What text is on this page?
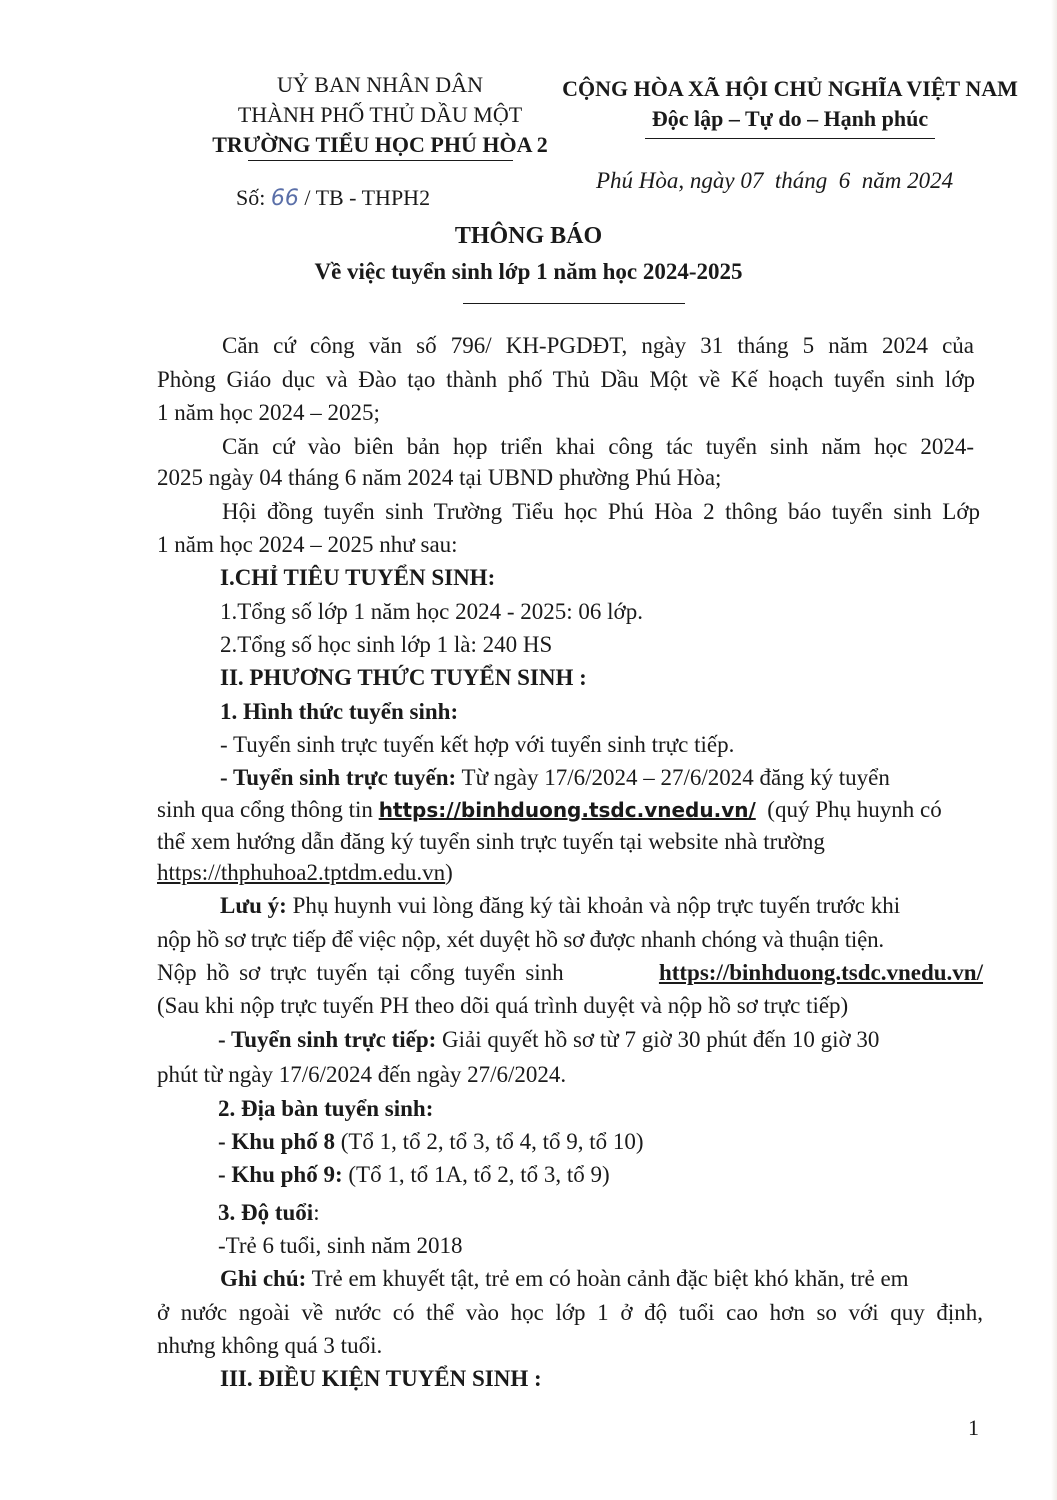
UỶ BAN NHÂN DÂN
THÀNH PHỐ THỦ DẦU MỘT
TRƯỜNG TIỂU HỌC PHÚ HÒA 2
CỘNG HÒA XÃ HỘI CHỦ NGHĨA VIỆT NAM
Độc lập – Tự do – Hạnh phúc
Số: 66 / TB - THPH2
Phú Hòa, ngày 07  tháng  6  năm 2024
THÔNG BÁO
Về việc tuyển sinh lớp 1 năm học 2024-2025
Căn cứ công văn số 796/ KH-PGDĐT, ngày 31 tháng 5 năm 2024 của
Phòng Giáo dục và Đào tạo thành phố Thủ Dầu Một về Kế hoạch tuyển sinh lớp
1 năm học 2024 – 2025;
Căn cứ vào biên bản họp triển khai công tác tuyển sinh năm học 2024-
2025 ngày 04 tháng 6 năm 2024 tại UBND phường Phú Hòa;
Hội đồng tuyển sinh Trường Tiểu học Phú Hòa 2 thông báo tuyển sinh Lớp
1 năm học 2024 – 2025 như sau:
I.CHỈ TIÊU TUYỂN SINH:
1.Tổng số lớp 1 năm học 2024 - 2025: 06 lớp.
2.Tổng số học sinh lớp 1 là: 240 HS
II. PHƯƠNG THỨC TUYỂN SINH :
1. Hình thức tuyển sinh:
- Tuyển sinh trực tuyến kết hợp với tuyển sinh trực tiếp.
- Tuyển sinh trực tuyến: Từ ngày 17/6/2024 – 27/6/2024 đăng ký tuyển
sinh qua cổng thông tin https://binhduong.tsdc.vnedu.vn/  (quý Phụ huynh có
thể xem hướng dẫn đăng ký tuyển sinh trực tuyến tại website nhà trường
https://thphuhoa2.tptdm.edu.vn)
Lưu ý: Phụ huynh vui lòng đăng ký tài khoản và nộp trực tuyến trước khi
nộp hồ sơ trực tiếp để việc nộp, xét duyệt hồ sơ được nhanh chóng và thuận tiện.
Nộp hồ sơ trực tuyến tại cổng tuyển sinh	https://binhduong.tsdc.vnedu.vn/
(Sau khi nộp trực tuyến PH theo dõi quá trình duyệt và nộp hồ sơ trực tiếp)
- Tuyển sinh trực tiếp: Giải quyết hồ sơ từ 7 giờ 30 phút đến 10 giờ 30
phút từ ngày 17/6/2024 đến ngày 27/6/2024.
2. Địa bàn tuyển sinh:
- Khu phố 8 (Tổ 1, tổ 2, tổ 3, tổ 4, tổ 9, tổ 10)
- Khu phố 9: (Tổ 1, tổ 1A, tổ 2, tổ 3, tổ 9)
3. Độ tuổi:
-Trẻ 6 tuổi, sinh năm 2018
Ghi chú: Trẻ em khuyết tật, trẻ em có hoàn cảnh đặc biệt khó khăn, trẻ em
ở nước ngoài về nước có thể vào học lớp 1 ở độ tuổi cao hơn so với quy định,
nhưng không quá 3 tuổi.
III. ĐIỀU KIỆN TUYỂN SINH :
1
